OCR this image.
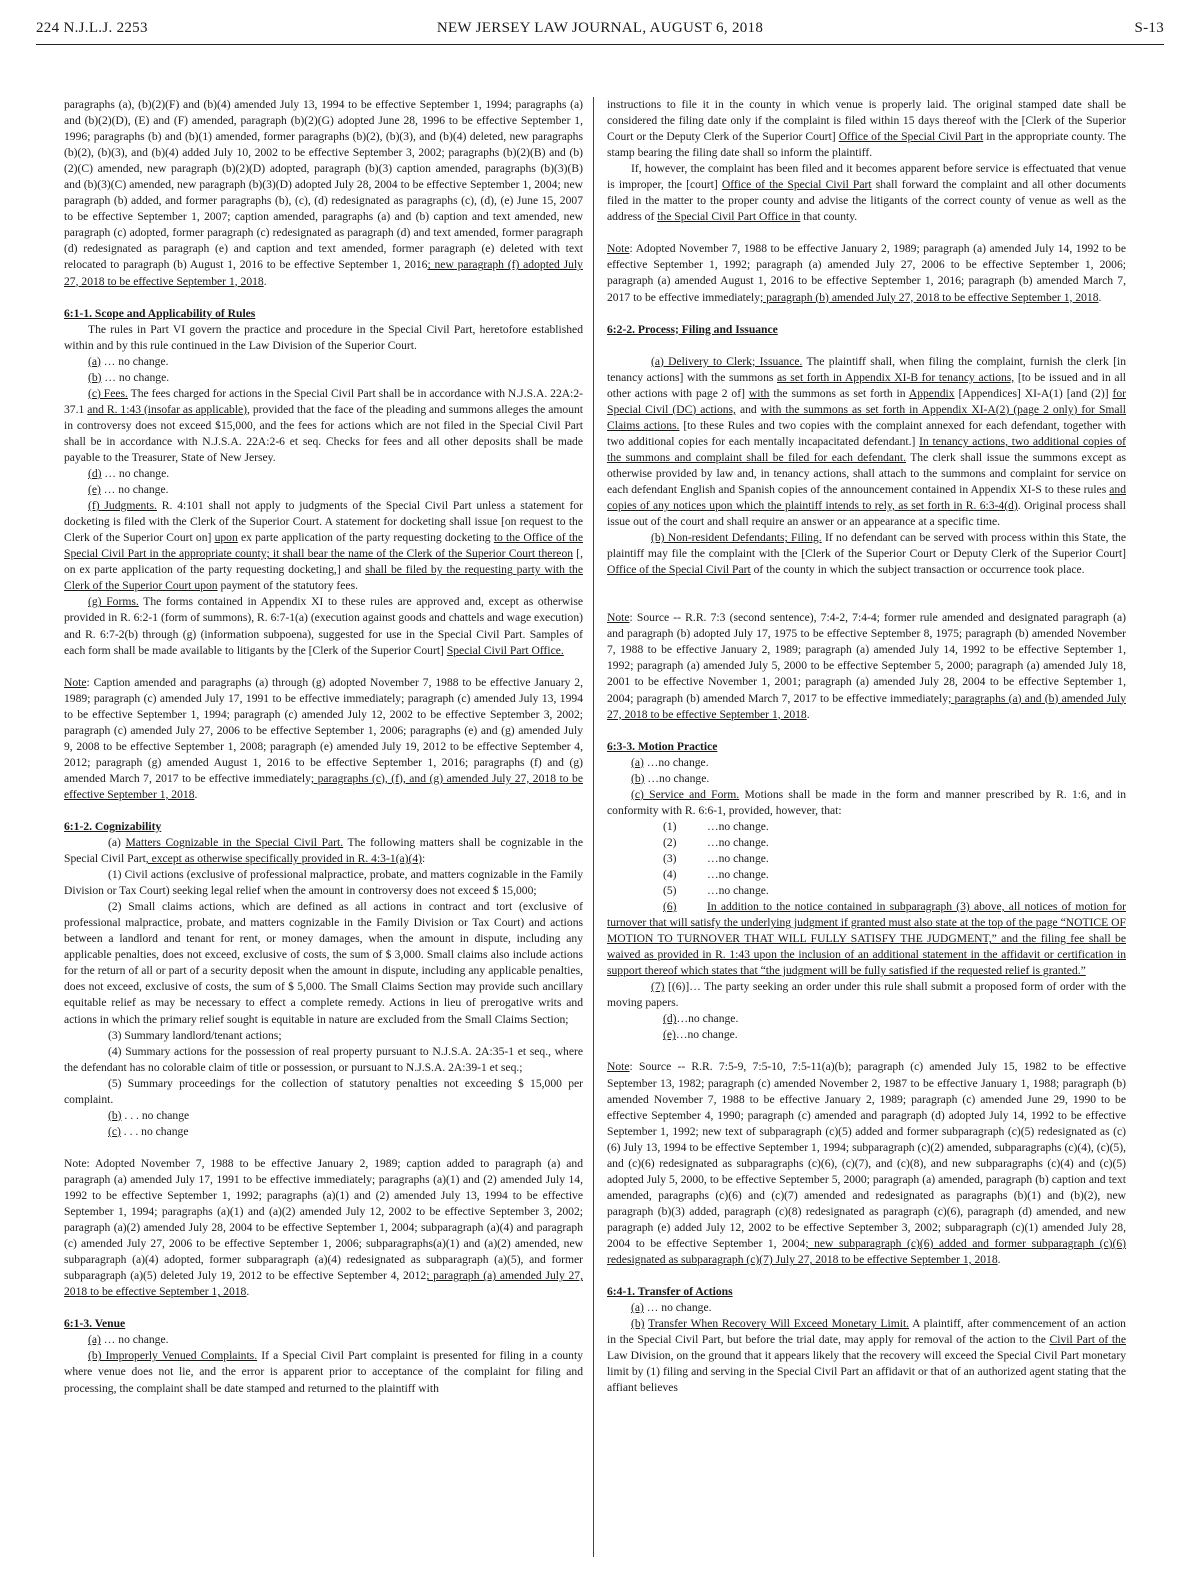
224 N.J.L.J. 2253	NEW JERSEY LAW JOURNAL, AUGUST 6, 2018	S-13

paragraphs (a), (b)(2)(F) and (b)(4) amended July 13, 1994 to be effective September 1, 1994; paragraphs (a) and (b)(2)(D), (E) and (F) amended, paragraph (b)(2)(G) adopted June 28, 1996 to be effective September 1, 1996; paragraphs (b) and (b)(1) amended, former paragraphs (b)(2), (b)(3), and (b)(4) deleted, new paragraphs (b)(2), (b)(3), and (b)(4) added July 10, 2002 to be effective September 3, 2002; paragraphs (b)(2)(B) and (b)(2)(C) amended, new paragraph (b)(2)(D) adopted, paragraph (b)(3) caption amended, paragraphs (b)(3)(B) and (b)(3)(C) amended, new paragraph (b)(3)(D) adopted July 28, 2004 to be effective September 1, 2004; new paragraph (b) added, and former paragraphs (b), (c), (d) redesignated as paragraphs (c), (d), (e) June 15, 2007 to be effective September 1, 2007; caption amended, paragraphs (a) and (b) caption and text amended, new paragraph (c) adopted, former paragraph (c) redesignated as paragraph (d) and text amended, former paragraph (d) redesignated as paragraph (e) and caption and text amended, former paragraph (e) deleted with text relocated to paragraph (b) August 1, 2016 to be effective September 1, 2016; new paragraph (f) adopted July 27, 2018 to be effective September 1, 2018.

6:1-1. Scope and Applicability of Rules

The rules in Part VI govern the practice and procedure in the Special Civil Part, heretofore established within and by this rule continued in the Law Division of the Superior Court.

(a) … no change.

(b) … no change.

(c) Fees. The fees charged for actions in the Special Civil Part shall be in accordance with N.J.S.A. 22A:2-37.1 and R. 1:43 (insofar as applicable), provided that the face of the pleading and summons alleges the amount in controversy does not exceed $15,000, and the fees for actions which are not filed in the Special Civil Part shall be in accordance with N.J.S.A. 22A:2-6 et seq. Checks for fees and all other deposits shall be made payable to the Treasurer, State of New Jersey.

(d) … no change.

(e) … no change.

(f) Judgments. R. 4:101 shall not apply to judgments of the Special Civil Part unless a statement for docketing is filed with the Clerk of the Superior Court. A statement for docketing shall issue [on request to the Clerk of the Superior Court on] upon ex parte application of the party requesting docketing to the Office of the Special Civil Part in the appropriate county; it shall bear the name of the Clerk of the Superior Court thereon [, on ex parte application of the party requesting docketing,] and shall be filed by the requesting party with the Clerk of the Superior Court upon payment of the statutory fees.

(g) Forms. The forms contained in Appendix XI to these rules are approved and, except as otherwise provided in R. 6:2-1 (form of summons), R. 6:7-1(a) (execution against goods and chattels and wage execution) and R. 6:7-2(b) through (g) (information subpoena), suggested for use in the Special Civil Part. Samples of each form shall be made available to litigants by the [Clerk of the Superior Court] Special Civil Part Office.

Note: Caption amended and paragraphs (a) through (g) adopted November 7, 1988 to be effective January 2, 1989; paragraph (c) amended July 17, 1991 to be effective immediately; paragraph (c) amended July 13, 1994 to be effective September 1, 1994; paragraph (c) amended July 12, 2002 to be effective September 3, 2002; paragraph (c) amended July 27, 2006 to be effective September 1, 2006; paragraphs (e) and (g) amended July 9, 2008 to be effective September 1, 2008; paragraph (e) amended July 19, 2012 to be effective September 4, 2012; paragraph (g) amended August 1, 2016 to be effective September 1, 2016; paragraphs (f) and (g) amended March 7, 2017 to be effective immediately; paragraphs (c), (f), and (g) amended July 27, 2018 to be effective September 1, 2018.

6:1-2. Cognizability

(a) Matters Cognizable in the Special Civil Part. The following matters shall be cognizable in the Special Civil Part, except as otherwise specifically provided in R. 4:3-1(a)(4):

(1) Civil actions (exclusive of professional malpractice, probate, and matters cognizable in the Family Division or Tax Court) seeking legal relief when the amount in controversy does not exceed $ 15,000;

(2) Small claims actions, which are defined as all actions in contract and tort (exclusive of professional malpractice, probate, and matters cognizable in the Family Division or Tax Court) and actions between a landlord and tenant for rent, or money damages, when the amount in dispute, including any applicable penalties, does not exceed, exclusive of costs, the sum of $ 3,000. Small claims also include actions for the return of all or part of a security deposit when the amount in dispute, including any applicable penalties, does not exceed, exclusive of costs, the sum of $ 5,000. The Small Claims Section may provide such ancillary equitable relief as may be necessary to effect a complete remedy. Actions in lieu of prerogative writs and actions in which the primary relief sought is equitable in nature are excluded from the Small Claims Section;

(3) Summary landlord/tenant actions;

(4) Summary actions for the possession of real property pursuant to N.J.S.A. 2A:35-1 et seq., where the defendant has no colorable claim of title or possession, or pursuant to N.J.S.A. 2A:39-1 et seq.;

(5) Summary proceedings for the collection of statutory penalties not exceeding $ 15,000 per complaint.

(b) . . . no change

(c) . . . no change

Note: Adopted November 7, 1988 to be effective January 2, 1989; caption added to paragraph (a) and paragraph (a) amended July 17, 1991 to be effective immediately; paragraphs (a)(1) and (2) amended July 14, 1992 to be effective September 1, 1992; paragraphs (a)(1) and (2) amended July 13, 1994 to be effective September 1, 1994; paragraphs (a)(1) and (a)(2) amended July 12, 2002 to be effective September 3, 2002; paragraph (a)(2) amended July 28, 2004 to be effective September 1, 2004; subparagraph (a)(4) and paragraph (c) amended July 27, 2006 to be effective September 1, 2006; subparagraphs(a)(1) and (a)(2) amended, new subparagraph (a)(4) adopted, former subparagraph (a)(4) redesignated as subparagraph (a)(5), and former subparagraph (a)(5) deleted July 19, 2012 to be effective September 4, 2012; paragraph (a) amended July 27, 2018 to be effective September 1, 2018.

6:1-3. Venue

(a) … no change.

(b) Improperly Venued Complaints. If a Special Civil Part complaint is presented for filing in a county where venue does not lie, and the error is apparent prior to acceptance of the complaint for filing and processing, the complaint shall be date stamped and returned to the plaintiff with

instructions to file it in the county in which venue is properly laid. The original stamped date shall be considered the filing date only if the complaint is filed within 15 days thereof with the [Clerk of the Superior Court or the Deputy Clerk of the Superior Court] Office of the Special Civil Part in the appropriate county. The stamp bearing the filing date shall so inform the plaintiff.

If, however, the complaint has been filed and it becomes apparent before service is effectuated that venue is improper, the [court] Office of the Special Civil Part shall forward the complaint and all other documents filed in the matter to the proper county and advise the litigants of the correct county of venue as well as the address of the Special Civil Part Office in that county.

Note: Adopted November 7, 1988 to be effective January 2, 1989; paragraph (a) amended July 14, 1992 to be effective September 1, 1992; paragraph (a) amended July 27, 2006 to be effective September 1, 2006; paragraph (a) amended August 1, 2016 to be effective September 1, 2016; paragraph (b) amended March 7, 2017 to be effective immediately; paragraph (b) amended July 27, 2018 to be effective September 1, 2018.

6:2-2. Process; Filing and Issuance

(a) Delivery to Clerk; Issuance. The plaintiff shall, when filing the complaint, furnish the clerk [in tenancy actions] with the summons as set forth in Appendix XI-B for tenancy actions, [to be issued and in all other actions with page 2 of] with the summons as set forth in Appendix [Appendices] XI-A(1) [and (2)] for Special Civil (DC) actions, and with the summons as set forth in Appendix XI-A(2) (page 2 only) for Small Claims actions. [to these Rules and two copies with the complaint annexed for each defendant, together with two additional copies for each mentally incapacitated defendant.] In tenancy actions, two additional copies of the summons and complaint shall be filed for each defendant. The clerk shall issue the summons except as otherwise provided by law and, in tenancy actions, shall attach to the summons and complaint for service on each defendant English and Spanish copies of the announcement contained in Appendix XI-S to these rules and copies of any notices upon which the plaintiff intends to rely, as set forth in R. 6:3-4(d). Original process shall issue out of the court and shall require an answer or an appearance at a specific time.

(b) Non-resident Defendants; Filing. If no defendant can be served with process within this State, the plaintiff may file the complaint with the [Clerk of the Superior Court or Deputy Clerk of the Superior Court] Office of the Special Civil Part of the county in which the subject transaction or occurrence took place.

Note: Source -- R.R. 7:3 (second sentence), 7:4-2, 7:4-4; former rule amended and designated paragraph (a) and paragraph (b) adopted July 17, 1975 to be effective September 8, 1975; paragraph (b) amended November 7, 1988 to be effective January 2, 1989; paragraph (a) amended July 14, 1992 to be effective September 1, 1992; paragraph (a) amended July 5, 2000 to be effective September 5, 2000; paragraph (a) amended July 18, 2001 to be effective November 1, 2001; paragraph (a) amended July 28, 2004 to be effective September 1, 2004; paragraph (b) amended March 7, 2017 to be effective immediately; paragraphs (a) and (b) amended July 27, 2018 to be effective September 1, 2018.

6:3-3. Motion Practice

(a) …no change.

(b) …no change.

(c) Service and Form. Motions shall be made in the form and manner prescribed by R. 1:6, and in conformity with R. 6:6-1, provided, however, that:

(1)	…no change.

(2)	…no change.

(3)	…no change.

(4)	…no change.

(5)	…no change.

(6)	In addition to the notice contained in subparagraph (3) above, all notices of motion for turnover that will satisfy the underlying judgment if granted must also state at the top of the page “NOTICE OF MOTION TO TURNOVER THAT WILL FULLY SATISFY THE JUDGMENT,” and the filing fee shall be waived as provided in R. 1:43 upon the inclusion of an additional statement in the affidavit or certification in support thereof which states that “the judgment will be fully satisfied if the requested relief is granted.”

(7) [(6)]… The party seeking an order under this rule shall submit a proposed form of order with the moving papers.

(d)…no change.

(e)…no change.

Note: Source -- R.R. 7:5-9, 7:5-10, 7:5-11(a)(b); paragraph (c) amended July 15, 1982 to be effective September 13, 1982; paragraph (c) amended November 2, 1987 to be effective January 1, 1988; paragraph (b) amended November 7, 1988 to be effective January 2, 1989; paragraph (c) amended June 29, 1990 to be effective September 4, 1990; paragraph (c) amended and paragraph (d) adopted July 14, 1992 to be effective September 1, 1992; new text of subparagraph (c)(5) added and former subparagraph (c)(5) redesignated as (c)(6) July 13, 1994 to be effective September 1, 1994; subparagraph (c)(2) amended, subparagraphs (c)(4), (c)(5), and (c)(6) redesignated as subparagraphs (c)(6), (c)(7), and (c)(8), and new subparagraphs (c)(4) and (c)(5) adopted July 5, 2000, to be effective September 5, 2000; paragraph (a) amended, paragraph (b) caption and text amended, paragraphs (c)(6) and (c)(7) amended and redesignated as paragraphs (b)(1) and (b)(2), new paragraph (b)(3) added, paragraph (c)(8) redesignated as paragraph (c)(6), paragraph (d) amended, and new paragraph (e) added July 12, 2002 to be effective September 3, 2002; subparagraph (c)(1) amended July 28, 2004 to be effective September 1, 2004; new subparagraph (c)(6) added and former subparagraph (c)(6) redesignated as subparagraph (c)(7) July 27, 2018 to be effective September 1, 2018.

6:4-1. Transfer of Actions

(a) … no change.

(b) Transfer When Recovery Will Exceed Monetary Limit. A plaintiff, after commencement of an action in the Special Civil Part, but before the trial date, may apply for removal of the action to the Civil Part of the Law Division, on the ground that it appears likely that the recovery will exceed the Special Civil Part monetary limit by (1) filing and serving in the Special Civil Part an affidavit or that of an authorized agent stating that the affiant believes
